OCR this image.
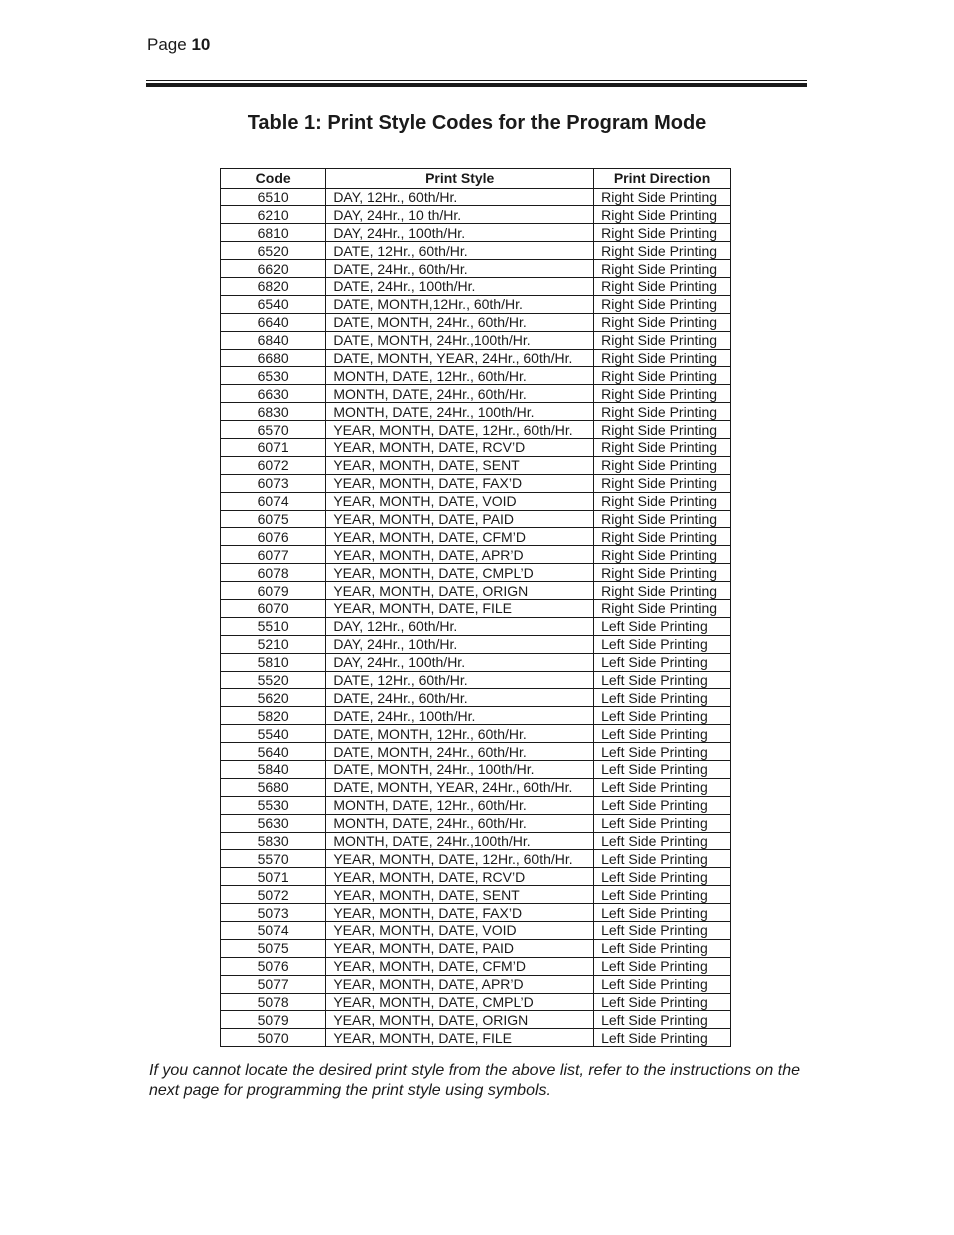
Page 10
Table 1: Print Style Codes for the Program Mode
Code	Print Style	Print Direction
6510	DAY, 12Hr., 60th/Hr.	Right Side Printing
6210	DAY, 24Hr., 10 th/Hr.	Right Side Printing
6810	DAY, 24Hr., 100th/Hr.	Right Side Printing
6520	DATE, 12Hr., 60th/Hr.	Right Side Printing
6620	DATE, 24Hr., 60th/Hr.	Right Side Printing
6820	DATE, 24Hr., 100th/Hr.	Right Side Printing
6540	DATE, MONTH,12Hr., 60th/Hr.	Right Side Printing
6640	DATE, MONTH, 24Hr., 60th/Hr.	Right Side Printing
6840	DATE, MONTH, 24Hr.,100th/Hr.	Right Side Printing
6680	DATE, MONTH, YEAR, 24Hr., 60th/Hr.	Right Side Printing
6530	MONTH, DATE, 12Hr., 60th/Hr.	Right Side Printing
6630	MONTH, DATE, 24Hr., 60th/Hr.	Right Side Printing
6830	MONTH, DATE, 24Hr., 100th/Hr.	Right Side Printing
6570	YEAR, MONTH, DATE, 12Hr., 60th/Hr.	Right Side Printing
6071	YEAR, MONTH, DATE, RCV’D	Right Side Printing
6072	YEAR, MONTH, DATE, SENT	Right Side Printing
6073	YEAR, MONTH, DATE, FAX’D	Right Side Printing
6074	YEAR, MONTH, DATE, VOID	Right Side Printing
6075	YEAR, MONTH, DATE, PAID	Right Side Printing
6076	YEAR, MONTH, DATE, CFM’D	Right Side Printing
6077	YEAR, MONTH, DATE, APR’D	Right Side Printing
6078	YEAR, MONTH, DATE, CMPL’D	Right Side Printing
6079	YEAR, MONTH, DATE, ORIGN	Right Side Printing
6070	YEAR, MONTH, DATE, FILE	Right Side Printing
5510	DAY, 12Hr., 60th/Hr.	Left Side Printing
5210	DAY, 24Hr., 10th/Hr.	Left Side Printing
5810	DAY, 24Hr., 100th/Hr.	Left Side Printing
5520	DATE, 12Hr., 60th/Hr.	Left Side Printing
5620	DATE, 24Hr., 60th/Hr.	Left Side Printing
5820	DATE, 24Hr., 100th/Hr.	Left Side Printing
5540	DATE, MONTH, 12Hr., 60th/Hr.	Left Side Printing
5640	DATE, MONTH, 24Hr., 60th/Hr.	Left Side Printing
5840	DATE, MONTH, 24Hr., 100th/Hr.	Left Side Printing
5680	DATE, MONTH, YEAR, 24Hr., 60th/Hr.	Left Side Printing
5530	MONTH, DATE, 12Hr., 60th/Hr.	Left Side Printing
5630	MONTH, DATE, 24Hr., 60th/Hr.	Left Side Printing
5830	MONTH, DATE, 24Hr.,100th/Hr.	Left Side Printing
5570	YEAR, MONTH, DATE, 12Hr., 60th/Hr.	Left Side Printing
5071	YEAR, MONTH, DATE, RCV’D	Left Side Printing
5072	YEAR, MONTH, DATE, SENT	Left Side Printing
5073	YEAR, MONTH, DATE, FAX’D	Left Side Printing
5074	YEAR, MONTH, DATE, VOID	Left Side Printing
5075	YEAR, MONTH, DATE, PAID	Left Side Printing
5076	YEAR, MONTH, DATE, CFM’D	Left Side Printing
5077	YEAR, MONTH, DATE, APR’D	Left Side Printing
5078	YEAR, MONTH, DATE, CMPL’D	Left Side Printing
5079	YEAR, MONTH, DATE, ORIGN	Left Side Printing
5070	YEAR, MONTH, DATE, FILE	Left Side Printing
If you cannot locate the desired print style from the above list, refer to the instructions on the next page for programming the print style using symbols.
